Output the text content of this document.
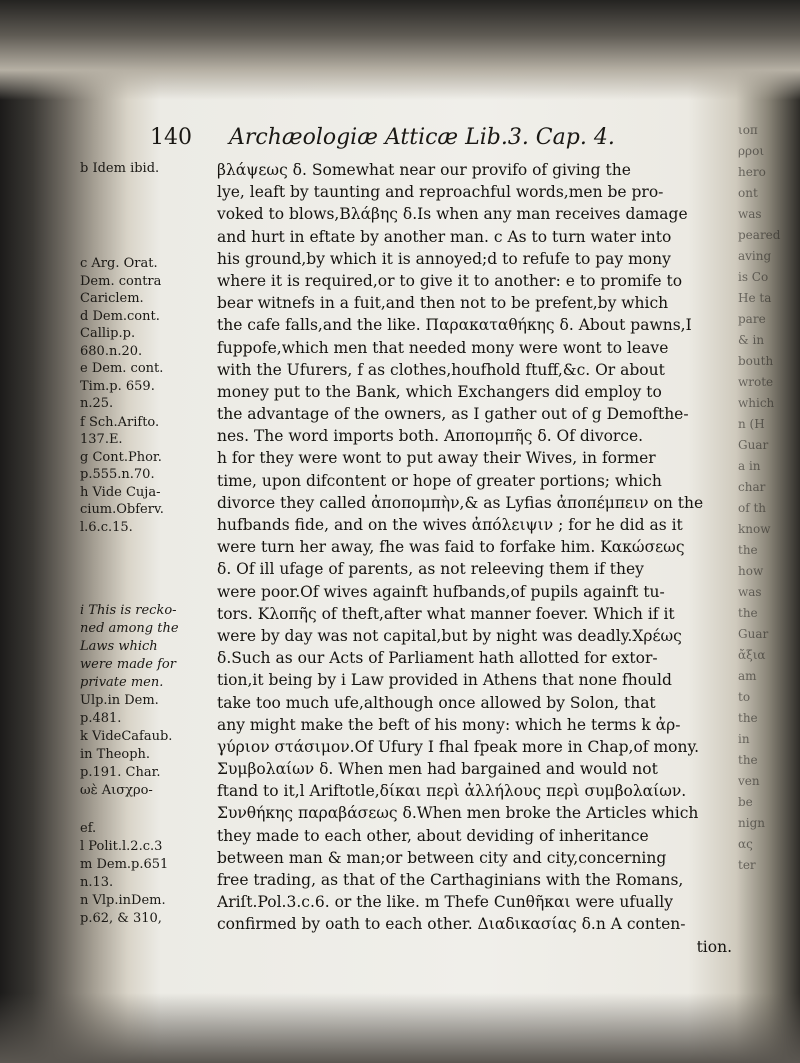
ιοπ
ρροι
hero
ont
was
peared
aving
is Co
He ta
pare
& in
bouth
wrote
which
n (H
Guar
a in
char
of th
know
the
how
was
the
Guar
ἄξια
am
to
the
in
the
ven
be
nign
ας
ter
140 Archæologiæ Atticæ Lib.3. Cap. 4.
b Idem ibid.
c Arg. Orat.
Dem. contra
Cariclem.
d Dem.cont.
Callip.p.
680.n.20.
e Dem. cont.
Tim.p. 659.
n.25.
f Sch.Arifto.
137.E.
g Cont.Phor.
p.555.n.70.
h Vide Cuja-
cium.Obferv.
l.6.c.15.
i This is recko-
ned among the
Laws which
were made for
private men.
Ulp.in Dem.
p.481.
k VideCafaub.
in Theoph.
p.191. Char.
ωὲ Αισχρο-
ef.
l Polit.l.2.c.3
m Dem.p.651
n.13.
n Vlp.inDem.
p.62, & 310,
βλάψεως δ. Somewhat near our provifo of giving the
lye, leaft by taunting and reproachful words,men be pro-
voked to blows,Βλάβης δ.Is when any man receives damage
and hurt in eftate by another man. c As to turn water into
his ground,by which it is annoyed;d to refufe to pay mony
where it is required,or to give it to another: e to promife to
bear witnefs in a fuit,and then not to be prefent,by which
the cafe falls,and the like. Παρακαταθήκης δ. About pawns,I
fuppofe,which men that needed mony were wont to leave
with the Ufurers, f as clothes,houfhold ftuff,&c. Or about
money put to the Bank, which Exchangers did employ to
the advantage of the owners, as I gather out of g Demofthe-
nes. The word imports both. Αποπομπῆς δ. Of divorce.
h for they were wont to put away their Wives, in former
time, upon difcontent or hope of greater portions; which
divorce they called ἀποπομπὴν,& as Lyfias ἀποπέμπειν on the
hufbands fide, and on the wives ἀπόλειψιν ; for he did as it
were turn her away, fhe was faid to forfake him. Κακώσεως
δ. Of ill ufage of parents, as not releeving them if they
were poor.Of wives againft hufbands,of pupils againft tu-
tors. Κλοπῆς of theft,after what manner foever. Which if it
were by day was not capital,but by night was deadly.Χρέως
δ.Such as our Acts of Parliament hath allotted for extor-
tion,it being by i Law provided in Athens that none fhould
take too much ufe,although once allowed by Solon, that
any might make the beft of his mony: which he terms k ἀρ-
γύριον στάσιμον.Of Ufury I fhal fpeak more in Chap,of mony.
Συμβολαίων δ. When men had bargained and would not
ftand to it,l Ariftotle,δίκαι περὶ ἀλλήλους περὶ συμβολαίων.
Συνθήκης παραβάσεως δ.When men broke the Articles which
they made to each other, about deviding of inheritance
between man & man;or between city and city,concerning
free trading, as that of the Carthaginians with the Romans,
Ariſt.Pol.3.c.6. or the like. m Thefe Cunθῆκαι were ufually
confirmed by oath to each other. Διαδικασίας δ.n A conten-
tion.
